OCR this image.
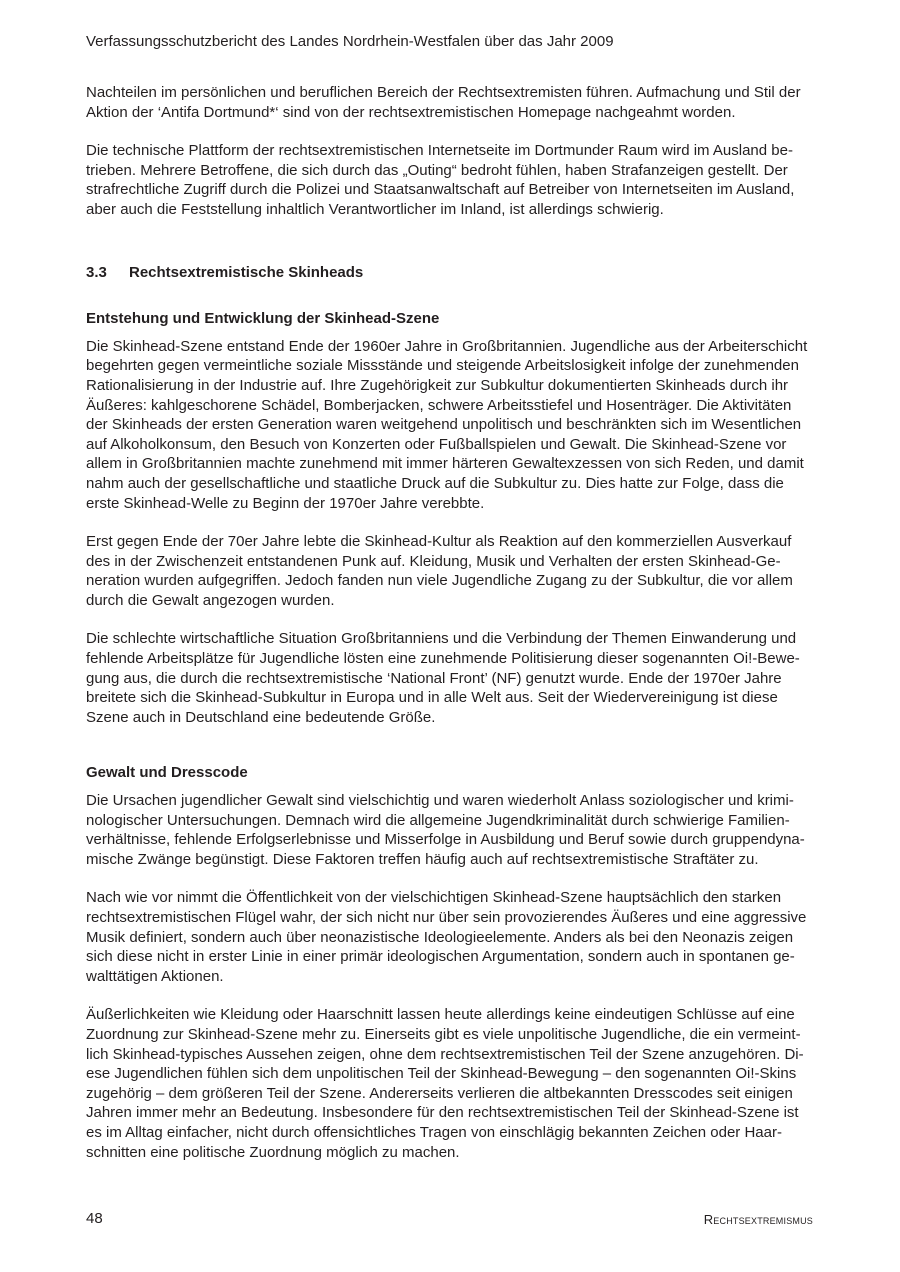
Verfassungsschutzbericht des Landes Nordrhein-Westfalen über das Jahr 2009

Nachteilen im persönlichen und beruflichen Bereich der Rechtsextremisten führen. Aufmachung und Stil der Aktion der ‘Antifa Dortmund*‘ sind von der rechtsextremistischen Homepage nachgeahmt worden.

Die technische Plattform der rechtsextremistischen Internetseite im Dortmunder Raum wird im Ausland betrieben. Mehrere Betroffene, die sich durch das „Outing“ bedroht fühlen, haben Strafanzeigen gestellt. Der strafrechtliche Zugriff durch die Polizei und Staatsanwaltschaft auf Betreiber von Internetseiten im Ausland, aber auch die Feststellung inhaltlich Verantwortlicher im Inland, ist allerdings schwierig.

3.3 Rechtsextremistische Skinheads
Entstehung und Entwicklung der Skinhead-Szene

Die Skinhead-Szene entstand Ende der 1960er Jahre in Großbritannien. Jugendliche aus der Arbeiterschicht begehrten gegen vermeintliche soziale Missstände und steigende Arbeitslosigkeit infolge der zunehmenden Rationalisierung in der Industrie auf. Ihre Zugehörigkeit zur Subkultur dokumentierten Skinheads durch ihr Äußeres: kahlgeschorene Schädel, Bomberjacken, schwere Arbeitsstiefel und Hosenträger. Die Aktivitäten der Skinheads der ersten Generation waren weitgehend unpolitisch und beschränkten sich im Wesentlichen auf Alkoholkonsum, den Besuch von Konzerten oder Fußballspielen und Gewalt. Die Skinhead-Szene vor allem in Großbritannien machte zunehmend mit immer härteren Gewaltexzessen von sich Reden, und damit nahm auch der gesellschaftliche und staatliche Druck auf die Subkultur zu. Dies hatte zur Folge, dass die erste Skinhead-Welle zu Beginn der 1970er Jahre verebbte.

Erst gegen Ende der 70er Jahre lebte die Skinhead-Kultur als Reaktion auf den kommerziellen Ausverkauf des in der Zwischenzeit entstandenen Punk auf. Kleidung, Musik und Verhalten der ersten Skinhead-Generation wurden aufgegriffen. Jedoch fanden nun viele Jugendliche Zugang zu der Subkultur, die vor allem durch die Gewalt angezogen wurden.

Die schlechte wirtschaftliche Situation Großbritanniens und die Verbindung der Themen Einwanderung und fehlende Arbeitsplätze für Jugendliche lösten eine zunehmende Politisierung dieser sogenannten Oi!-Bewegung aus, die durch die rechtsextremistische ‘National Front’ (NF) genutzt wurde. Ende der 1970er Jahre breitete sich die Skinhead-Subkultur in Europa und in alle Welt aus. Seit der Wiedervereinigung ist diese Szene auch in Deutschland eine bedeutende Größe.

Gewalt und Dresscode

Die Ursachen jugendlicher Gewalt sind vielschichtig und waren wiederholt Anlass soziologischer und kriminologischer Untersuchungen. Demnach wird die allgemeine Jugendkriminalität durch schwierige Familienverhältnisse, fehlende Erfolgserlebnisse und Misserfolge in Ausbildung und Beruf sowie durch gruppendynamische Zwänge begünstigt. Diese Faktoren treffen häufig auch auf rechtsextremistische Straftäter zu.

Nach wie vor nimmt die Öffentlichkeit von der vielschichtigen Skinhead-Szene hauptsächlich den starken rechtsextremistischen Flügel wahr, der sich nicht nur über sein provozierendes Äußeres und eine aggressive Musik definiert, sondern auch über neonazistische Ideologieelemente. Anders als bei den Neonazis zeigen sich diese nicht in erster Linie in einer primär ideologischen Argumentation, sondern auch in spontanen gewalttätigen Aktionen.

Äußerlichkeiten wie Kleidung oder Haarschnitt lassen heute allerdings keine eindeutigen Schlüsse auf eine Zuordnung zur Skinhead-Szene mehr zu. Einerseits gibt es viele unpolitische Jugendliche, die ein vermeintlich Skinhead-typisches Aussehen zeigen, ohne dem rechtsextremistischen Teil der Szene anzugehören. Diese Jugendlichen fühlen sich dem unpolitischen Teil der Skinhead-Bewegung – den sogenannten Oi!-Skins zugehörig – dem größeren Teil der Szene. Andererseits verlieren die altbekannten Dresscodes seit einigen Jahren immer mehr an Bedeutung. Insbesondere für den rechtsextremistischen Teil der Skinhead-Szene ist es im Alltag einfacher, nicht durch offensichtliches Tragen von einschlägig bekannten Zeichen oder Haarschnitten eine politische Zuordnung möglich zu machen.

48	Rechtsextremismus
